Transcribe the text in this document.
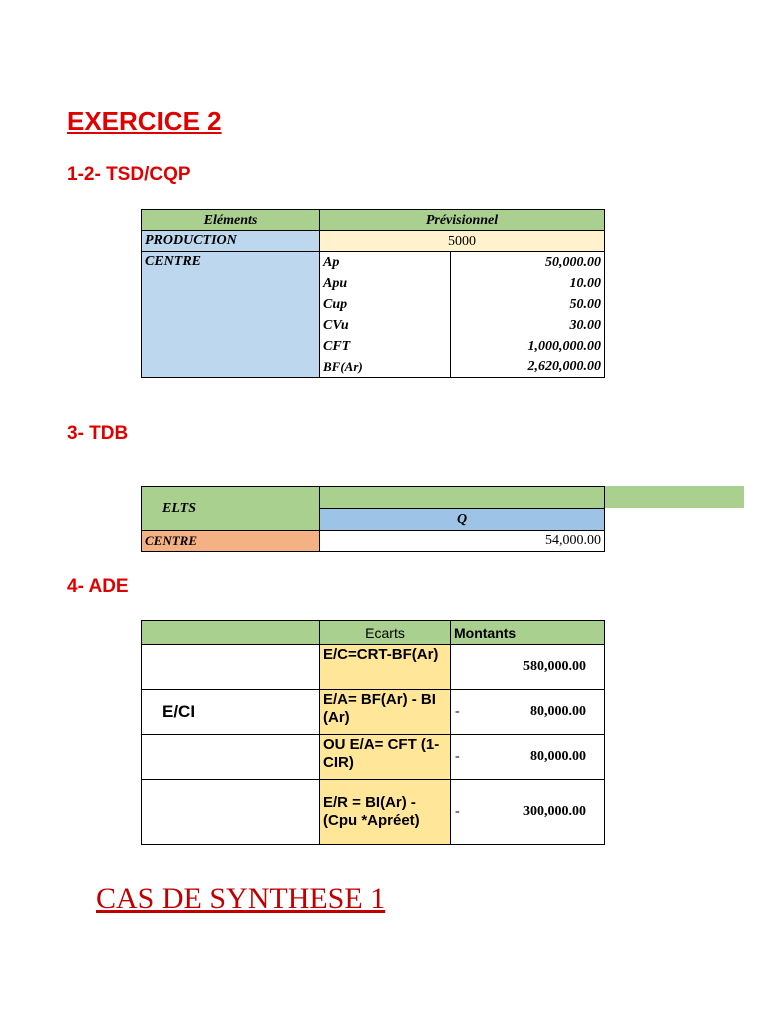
EXERCICE 2
1-2- TSD/CQP
Eléments	Prévisionnel	
PRODUCTION	5000	
CENTRE	Ap	50,000.00
	Apu	10.00
	Cup	50.00
	CVu	30.00
	CFT	1,000,000.00
	BF(Ar)	2,620,000.00
3- TDB
ELTS	
	Q
CENTRE	54,000.00
4- ADE
	Ecarts	Montants
	E/C=CRT-BF(Ar)	580,000.00
E/CI	E/A= BF(Ar) - BI (Ar)	- 80,000.00
	OU E/A= CFT (1-CIR)	- 80,000.00
	E/R = BI(Ar) - (Cpu *Apréet)	- 300,000.00
CAS DE SYNTHESE 1
